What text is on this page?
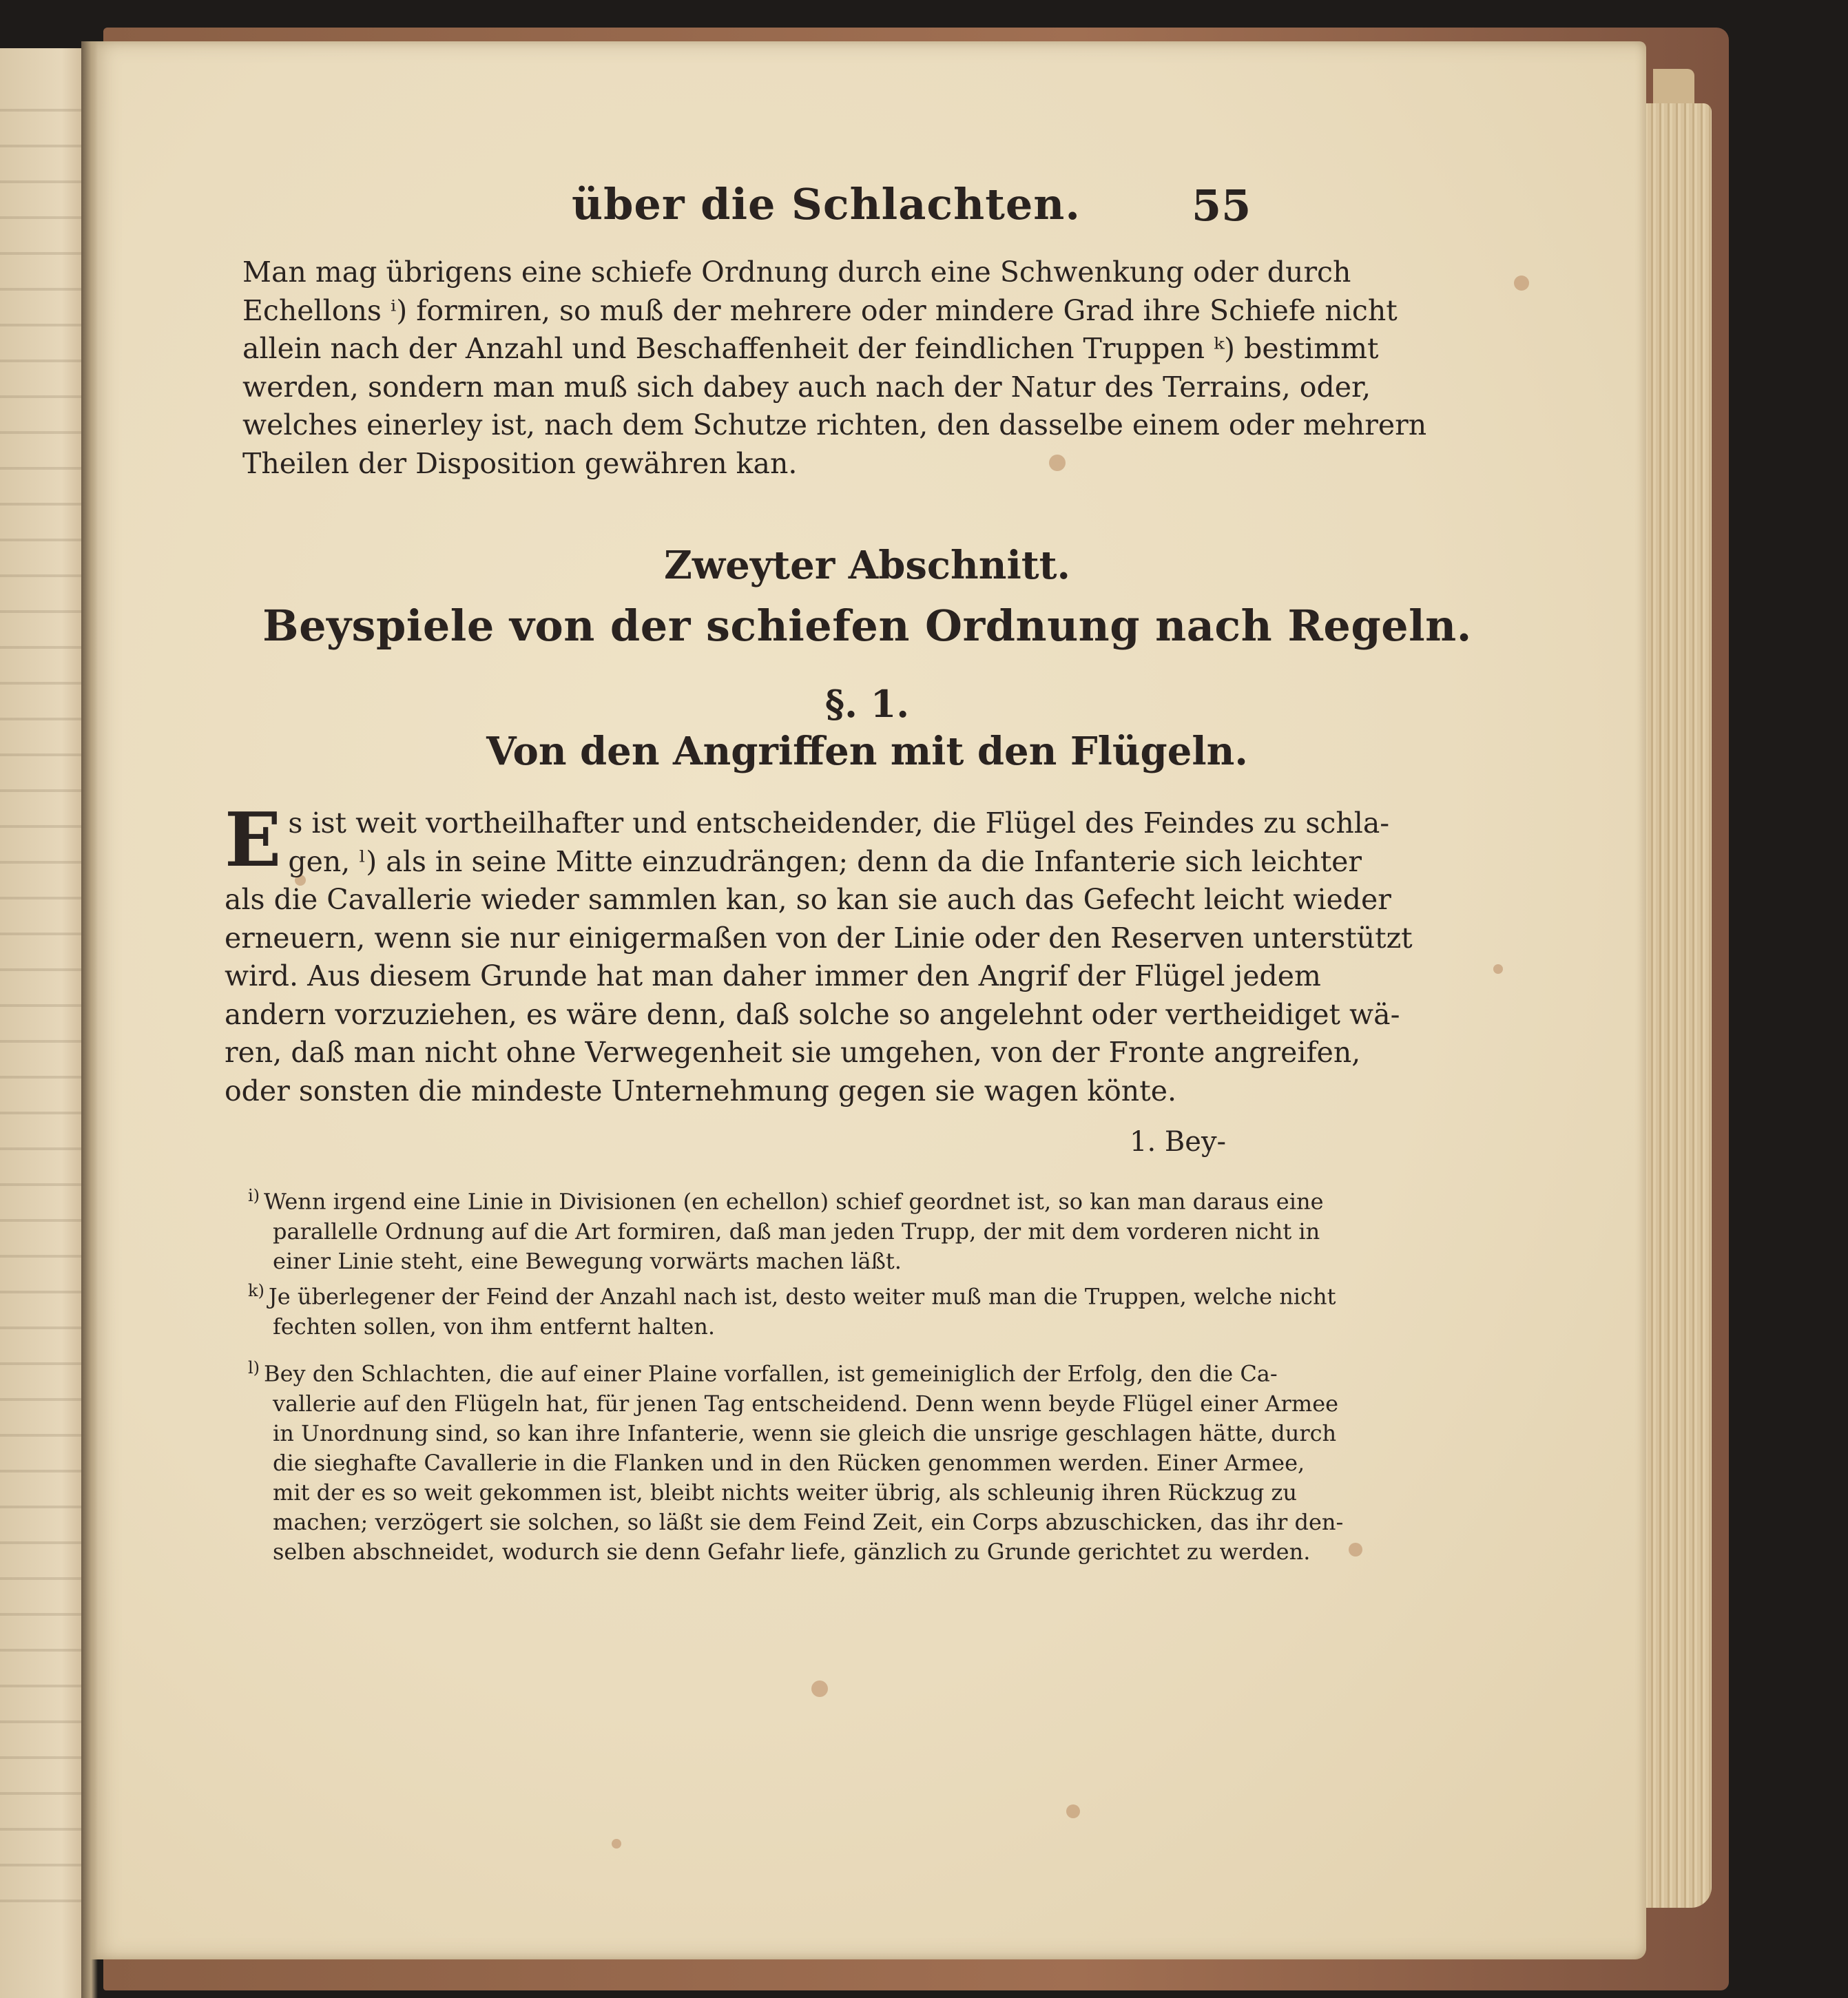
über die Schlachten.	55
Man mag übrigens eine schiefe Ordnung durch eine Schwenkung oder durch
Echellons ⁱ) formiren, so muß der mehrere oder mindere Grad ihre Schiefe nicht
allein nach der Anzahl und Beschaffenheit der feindlichen Truppen ᵏ) bestimmt
werden, sondern man muß sich dabey auch nach der Natur des Terrains, oder,
welches einerley ist, nach dem Schutze richten, den dasselbe einem oder mehrern
Theilen der Disposition gewähren kan.
Zweyter Abschnitt.
Beyspiele von der schiefen Ordnung nach Regeln.
§. 1.
Von den Angriffen mit den Flügeln.
E s ist weit vortheilhafter und entscheidender, die Flügel des Feindes zu schla-
gen, ˡ) als in seine Mitte einzudrängen; denn da die Infanterie sich leichter
als die Cavallerie wieder sammlen kan, so kan sie auch das Gefecht leicht wieder
erneuern, wenn sie nur einigermaßen von der Linie oder den Reserven unterstützt
wird. Aus diesem Grunde hat man daher immer den Angrif der Flügel jedem
andern vorzuziehen, es wäre denn, daß solche so angelehnt oder vertheidiget wä-
ren, daß man nicht ohne Verwegenheit sie umgehen, von der Fronte angreifen,
oder sonsten die mindeste Unternehmung gegen sie wagen könte.
1. Bey-
$^{i)}$ Wenn irgend eine Linie in Divisionen (en echellon) schief geordnet ist, so kan man daraus eine
parallelle Ordnung auf die Art formiren, daß man jeden Trupp, der mit dem vorderen nicht in
einer Linie steht, eine Bewegung vorwärts machen läßt.
$^{k)}$ Je überlegener der Feind der Anzahl nach ist, desto weiter muß man die Truppen, welche nicht
fechten sollen, von ihm entfernt halten.
$^{l)}$ Bey den Schlachten, die auf einer Plaine vorfallen, ist gemeiniglich der Erfolg, den die Ca-
vallerie auf den Flügeln hat, für jenen Tag entscheidend. Denn wenn beyde Flügel einer Armee
in Unordnung sind, so kan ihre Infanterie, wenn sie gleich die unsrige geschlagen hätte, durch
die sieghafte Cavallerie in die Flanken und in den Rücken genommen werden. Einer Armee,
mit der es so weit gekommen ist, bleibt nichts weiter übrig, als schleunig ihren Rückzug zu
machen; verzögert sie solchen, so läßt sie dem Feind Zeit, ein Corps abzuschicken, das ihr den-
selben abschneidet, wodurch sie denn Gefahr liefe, gänzlich zu Grunde gerichtet zu werden.
